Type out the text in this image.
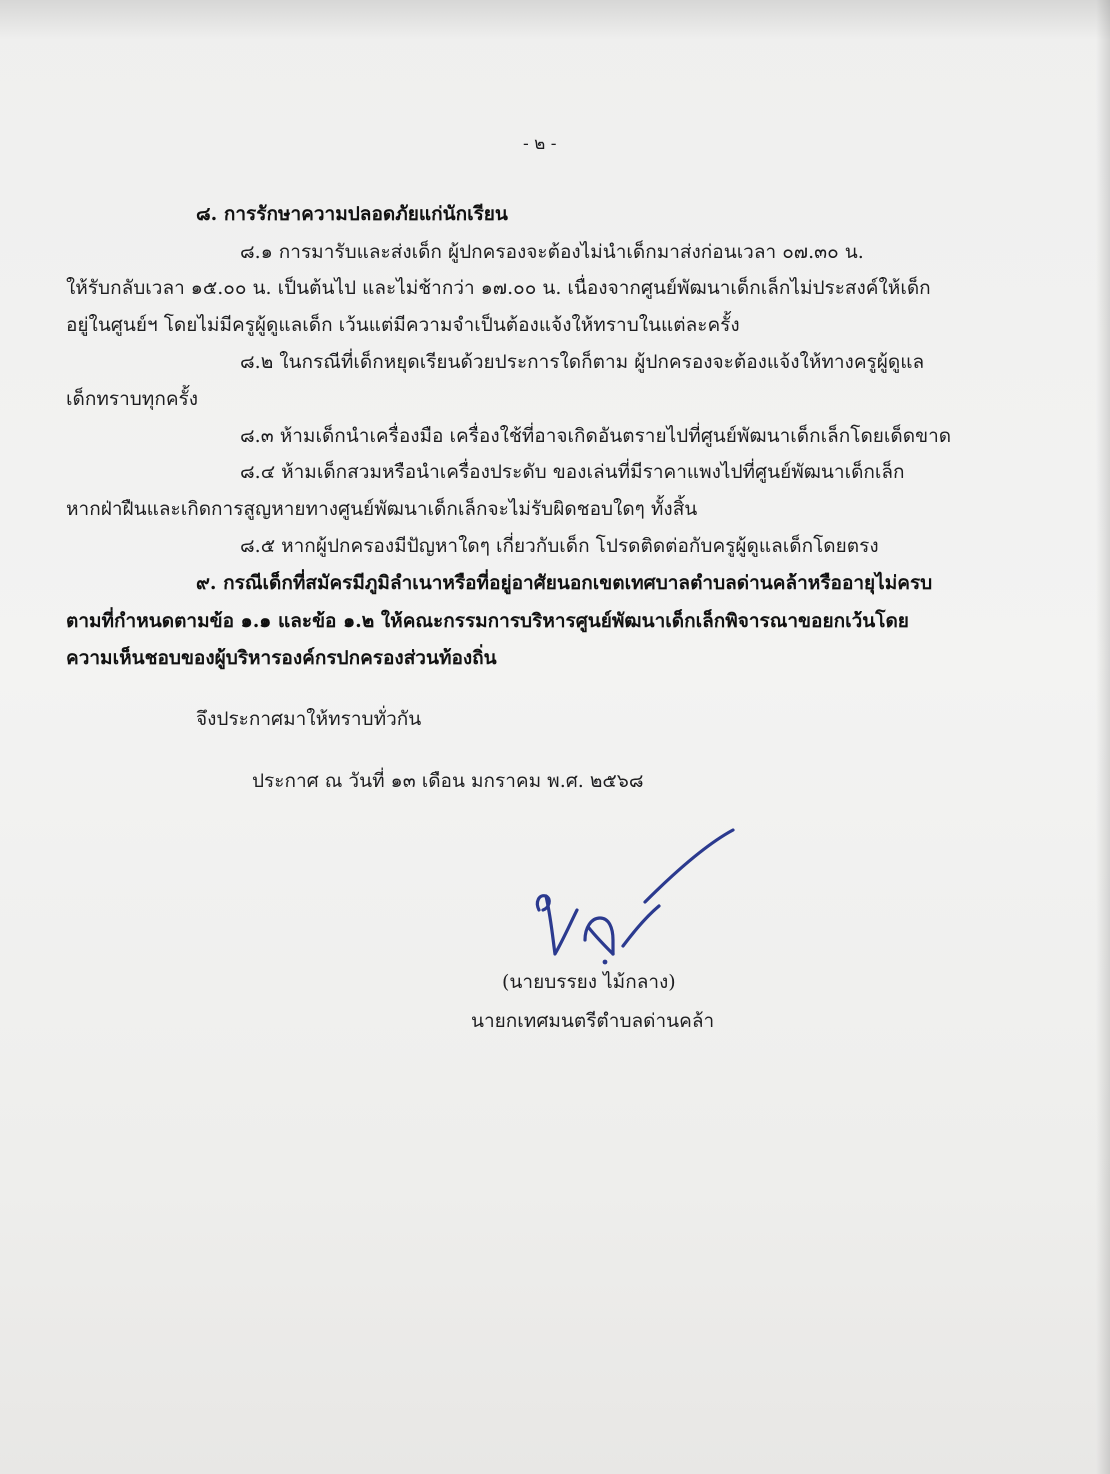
- ๒ -

๘. การรักษาความปลอดภัยแก่นักเรียน

๘.๑ การมารับและส่งเด็ก ผู้ปกครองจะต้องไม่นำเด็กมาส่งก่อนเวลา ๐๗.๓๐ น.

ให้รับกลับเวลา ๑๕.๐๐ น. เป็นต้นไป และไม่ช้ากว่า ๑๗.๐๐ น. เนื่องจากศูนย์พัฒนาเด็กเล็กไม่ประสงค์ให้เด็ก

อยู่ในศูนย์ฯ โดยไม่มีครูผู้ดูแลเด็ก เว้นแต่มีความจำเป็นต้องแจ้งให้ทราบในแต่ละครั้ง

๘.๒ ในกรณีที่เด็กหยุดเรียนด้วยประการใดก็ตาม ผู้ปกครองจะต้องแจ้งให้ทางครูผู้ดูแล

เด็กทราบทุกครั้ง

๘.๓ ห้ามเด็กนำเครื่องมือ เครื่องใช้ที่อาจเกิดอันตรายไปที่ศูนย์พัฒนาเด็กเล็กโดยเด็ดขาด

๘.๔ ห้ามเด็กสวมหรือนำเครื่องประดับ ของเล่นที่มีราคาแพงไปที่ศูนย์พัฒนาเด็กเล็ก

หากฝ่าฝืนและเกิดการสูญหายทางศูนย์พัฒนาเด็กเล็กจะไม่รับผิดชอบใดๆ ทั้งสิ้น

๘.๕ หากผู้ปกครองมีปัญหาใดๆ เกี่ยวกับเด็ก โปรดติดต่อกับครูผู้ดูแลเด็กโดยตรง

๙. กรณีเด็กที่สมัครมีภูมิลำเนาหรือที่อยู่อาศัยนอกเขตเทศบาลตำบลด่านคล้าหรืออายุไม่ครบ

ตามที่กำหนดตามข้อ ๑.๑ และข้อ ๑.๒ ให้คณะกรรมการบริหารศูนย์พัฒนาเด็กเล็กพิจารณาขอยกเว้นโดย

ความเห็นชอบของผู้บริหารองค์กรปกครองส่วนท้องถิ่น

จึงประกาศมาให้ทราบทั่วกัน

ประกาศ ณ วันที่ ๑๓ เดือน มกราคม พ.ศ. ๒๕๖๘

(นายบรรยง ไม้กลาง)

นายกเทศมนตรีตำบลด่านคล้า
